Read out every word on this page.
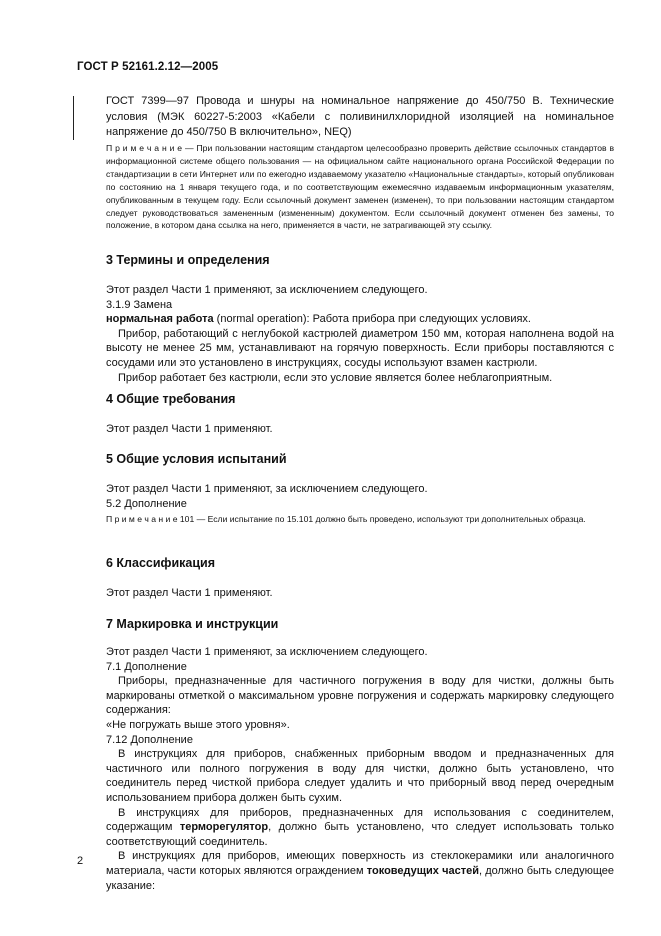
ГОСТ Р 52161.2.12—2005
ГОСТ 7399—97 Провода и шнуры на номинальное напряжение до 450/750 В. Технические условия (МЭК 60227-5:2003 «Кабели с поливинилхлоридной изоляцией на номинальное напряжение до 450/750 В включительно», NEQ)
П р и м е ч а н и е — При пользовании настоящим стандартом целесообразно проверить действие ссылочных стандартов в информационной системе общего пользования — на официальном сайте национального органа Российской Федерации по стандартизации в сети Интернет или по ежегодно издаваемому указателю «Национальные стандарты», который опубликован по состоянию на 1 января текущего года, и по соответствующим ежемесячно издаваемым информационным указателям, опубликованным в текущем году. Если ссылочный документ заменен (изменен), то при пользовании настоящим стандартом следует руководствоваться замененным (измененным) документом. Если ссылочный документ отменен без замены, то положение, в котором дана ссылка на него, применяется в части, не затрагивающей эту ссылку.
3 Термины и определения
Этот раздел Части 1 применяют, за исключением следующего.
3.1.9 Замена
нормальная работа (normal operation): Работа прибора при следующих условиях.
Прибор, работающий с неглубокой кастрюлей диаметром 150 мм, которая наполнена водой на высоту не менее 25 мм, устанавливают на горячую поверхность. Если приборы поставляются с сосудами или это установлено в инструкциях, сосуды используют взамен кастрюли.
Прибор работает без кастрюли, если это условие является более неблагоприятным.
4 Общие требования
Этот раздел Части 1 применяют.
5 Общие условия испытаний
Этот раздел Части 1 применяют, за исключением следующего.
5.2 Дополнение
П р и м е ч а н и е 101 — Если испытание по 15.101 должно быть проведено, используют три дополнительных образца.
6 Классификация
Этот раздел Части 1 применяют.
7 Маркировка и инструкции
Этот раздел Части 1 применяют, за исключением следующего.
7.1 Дополнение
Приборы, предназначенные для частичного погружения в воду для чистки, должны быть маркированы отметкой о максимальном уровне погружения и содержать маркировку следующего содержания:
«Не погружать выше этого уровня».
7.12 Дополнение
В инструкциях для приборов, снабженных приборным вводом и предназначенных для частичного или полного погружения в воду для чистки, должно быть установлено, что соединитель перед чисткой прибора следует удалить и что приборный ввод перед очередным использованием прибора должен быть сухим.
В инструкциях для приборов, предназначенных для использования с соединителем, содержащим терморегулятор, должно быть установлено, что следует использовать только соответствующий соединитель.
В инструкциях для приборов, имеющих поверхность из стеклокерамики или аналогичного материала, части которых являются ограждением токоведущих частей, должно быть следующее указание:
2
